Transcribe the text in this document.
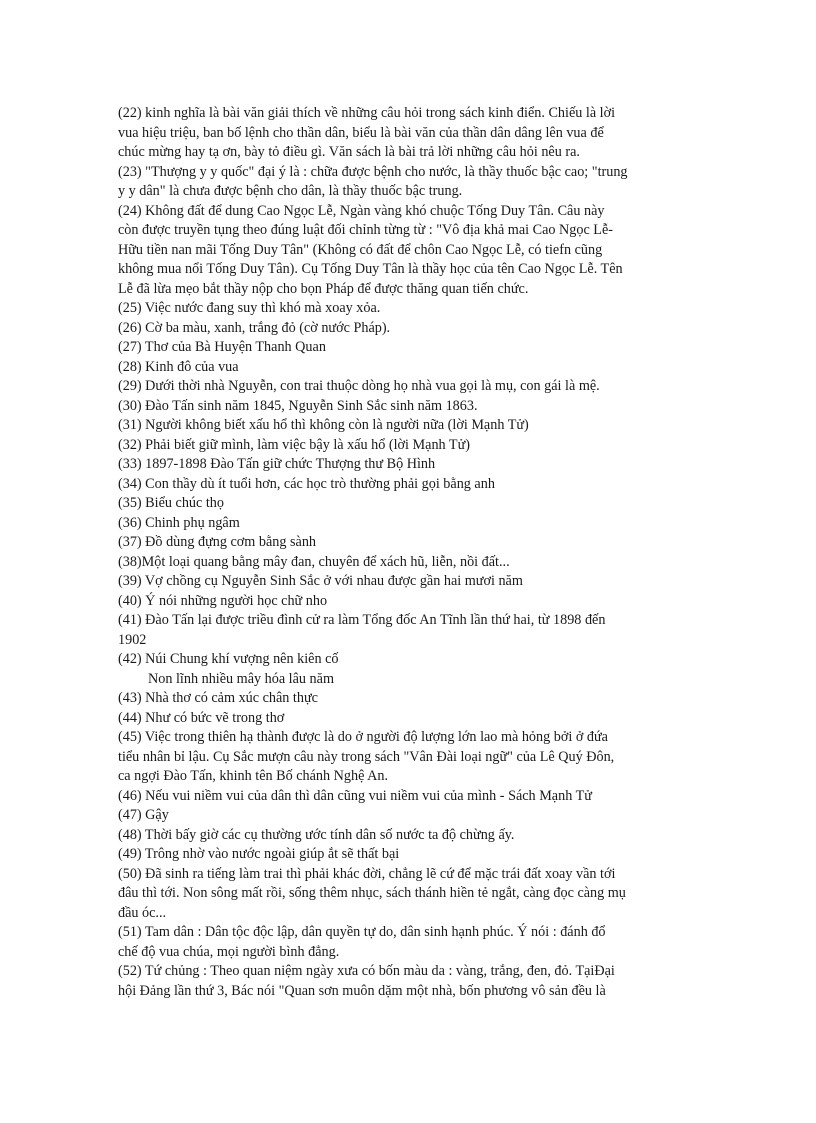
(22) kinh nghĩa là bài văn giải thích về những câu hỏi trong sách kinh điển. Chiếu là lời
vua hiệu triệu, ban bố lệnh cho thần dân, biểu là bài văn của thần dân dâng lên vua để
chúc mừng hay tạ ơn, bày tỏ điều gì. Văn sách là bài trả lời những câu hỏi nêu ra.
(23) "Thượng y y quốc" đại ý là : chữa được bệnh cho nước, là thầy thuốc bậc cao; "trung
y y dân" là chưa được bệnh cho dân, là thầy thuốc bậc trung.
(24) Không đất để dung Cao Ngọc Lễ, Ngàn vàng khó chuộc Tống Duy Tân. Câu này
còn được truyền tụng theo đúng luật đối chỉnh từng từ : "Vô địa khả mai Cao Ngọc Lễ-
Hữu tiền nan mãi Tống Duy Tân" (Không có đất để chôn Cao Ngọc Lễ, có tiefn cũng
không mua nổi Tống Duy Tân). Cụ Tống Duy Tân là thầy học của tên Cao Ngọc Lễ. Tên
Lễ đã lừa mẹo bắt thầy nộp cho bọn Pháp để được thăng quan tiến chức.
(25) Việc nước đang suy thì khó mà xoay xỏa.
(26) Cờ ba màu, xanh, trắng đỏ (cờ nước Pháp).
(27) Thơ của Bà Huyện Thanh Quan
(28) Kinh đô của vua
(29) Dưới thời nhà Nguyễn, con trai thuộc dòng họ nhà vua gọi là mụ, con gái là mệ.
(30) Đào Tấn sinh năm 1845, Nguyễn Sinh Sắc sinh năm 1863.
(31) Người không biết xấu hổ thì không còn là người nữa (lời Mạnh Tử)
(32) Phải biết giữ mình, làm việc bậy là xấu hổ (lời Mạnh Tử)
(33) 1897-1898 Đào Tấn giữ chức Thượng thư Bộ Hình
(34) Con thầy dù ít tuổi hơn, các học trò thường phải gọi bằng anh
(35) Biểu chúc thọ
(36) Chinh phụ ngâm
(37) Đồ dùng đựng cơm bằng sành
(38)Một loại quang bằng mây đan, chuyên để xách hũ, liễn, nồi đất...
(39) Vợ chồng cụ Nguyễn Sinh Sắc ở với nhau được gần hai mươi năm
(40) Ý nói những người học chữ nho
(41) Đào Tấn lại được triều đình cử ra làm Tổng đốc An Tĩnh lần thứ hai, từ 1898 đến
1902
(42) Núi Chung khí vượng nên kiên cố
Non lĩnh nhiều mây hóa lâu năm
(43) Nhà thơ có cảm xúc chân thực
(44) Như có bức vẽ trong thơ
(45) Việc trong thiên hạ thành được là do ở người độ lượng lớn lao mà hỏng bởi ở đứa
tiểu nhân bỉ lậu. Cụ Sắc mượn câu này trong sách "Vân Đài loại ngữ" của Lê Quý Đôn,
ca ngợi Đào Tấn, khinh tên Bố chánh Nghệ An.
(46) Nếu vui niềm vui của dân thì dân cũng vui niềm vui của mình - Sách Mạnh Tử
(47) Gậy
(48) Thời bấy giờ các cụ thường ước tính dân số nước ta độ chừng ấy.
(49) Trông nhờ vào nước ngoài giúp ắt sẽ thất bại
(50) Đã sinh ra tiếng làm trai thì phải khác đời, chẳng lẽ cứ để mặc trái đất xoay vần tới
đâu thì tới. Non sông mất rồi, sống thêm nhục, sách thánh hiền tẻ ngắt, càng đọc càng mụ
đầu óc...
(51) Tam dân : Dân tộc độc lập, dân quyền tự do, dân sinh hạnh phúc. Ý nói : đánh đổ
chế độ vua chúa, mọi người bình đẳng.
(52) Tứ chủng : Theo quan niệm ngày xưa có bốn màu da : vàng, trắng, đen, đỏ. TạiĐại
hội Đảng lần thứ 3, Bác nói "Quan sơn muôn dặm một nhà, bốn phương vô sản đều là
